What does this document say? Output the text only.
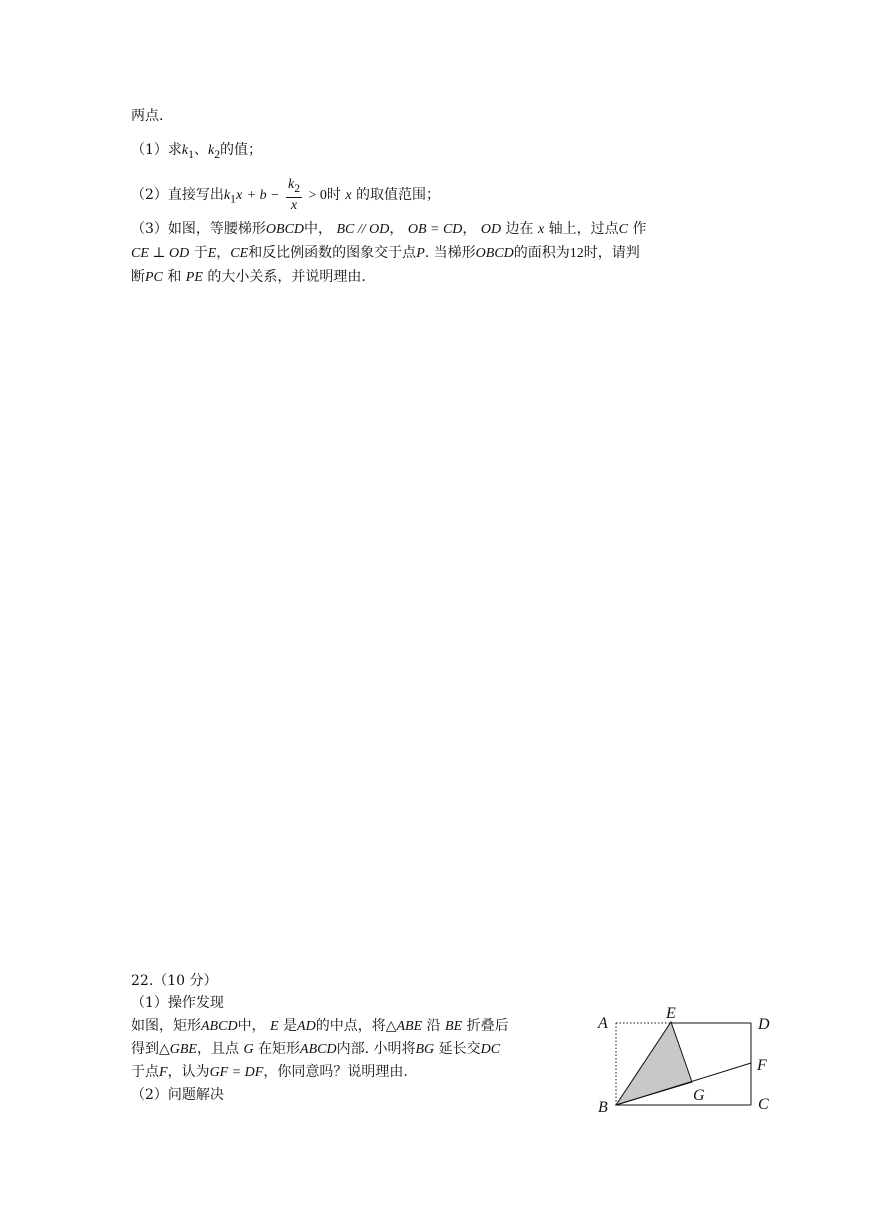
两点.
（1）求$k_1$、$k_2$的值；
（2）直接写出$k_1x + b - \frac{k_2}{x} > 0$时 x 的取值范围；
（3）如图，等腰梯形OBCD中， BC // OD， OB = CD， OD 边在 x 轴上，过点C 作
CE ⊥ OD 于E，CE和反比例函数的图象交于点P. 当梯形OBCD的面积为12时，请判
断PC 和 PE 的大小关系，并说明理由.
22.（10 分）
（1）操作发现
如图，矩形ABCD中， E 是AD的中点，将△ABE 沿 BE 折叠后
得到△GBE，且点 G 在矩形ABCD内部. 小明将BG 延长交DC
于点F，认为GF = DF，你同意吗？说明理由.
（2）问题解决
A
E
D
F
B
G
C
